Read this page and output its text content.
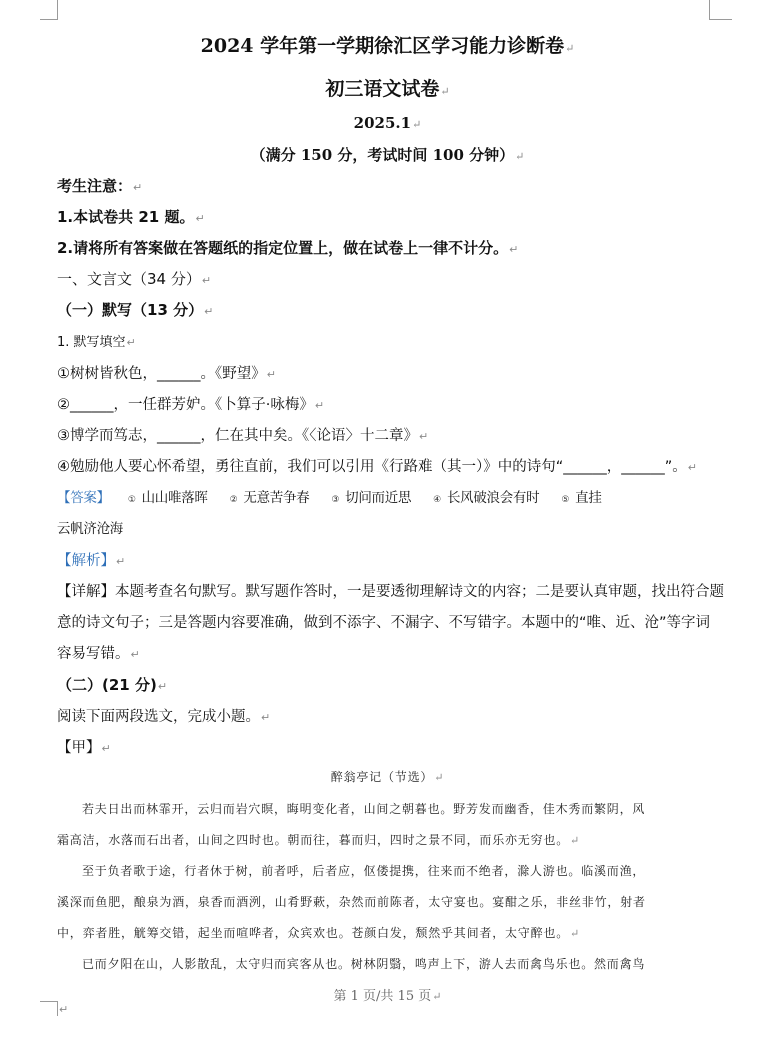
2024 学年第一学期徐汇区学习能力诊断卷↵
初三语文试卷↵
2025.1↵
（满分 150 分，考试时间 100 分钟）↵
考生注意：↵
1.本试卷共 21 题。↵
2.请将所有答案做在答题纸的指定位置上，做在试卷上一律不计分。↵
一、文言文（34 分）↵
（一）默写（13 分）↵
1. 默写填空↵
①树树皆秋色，______。《野望》↵
②______，一任群芳妒。《卜算子·咏梅》↵
③博学而笃志，______，仁在其中矣。《〈论语〉十二章》↵
④勉励他人要心怀希望，勇往直前，我们可以引用《行路难（其一）》中的诗句“______，______”。↵
【答案】 ① 山山唯落晖 ② 无意苦争春 ③ 切问而近思 ④ 长风破浪会有时 ⑤ 直挂
云帆济沧海
【解析】↵
【详解】本题考查名句默写。默写题作答时，一是要透彻理解诗文的内容；二是要认真审题，找出符合题
意的诗文句子；三是答题内容要准确，做到不添字、不漏字、不写错字。本题中的“唯、近、沧”等字词
容易写错。↵
（二）(21 分)↵
阅读下面两段选文，完成小题。↵
【甲】↵
醉翁亭记（节选）↵
若夫日出而林霏开，云归而岩穴暝，晦明变化者，山间之朝暮也。野芳发而幽香，佳木秀而繁阴，风
霜高洁，水落而石出者，山间之四时也。朝而往，暮而归，四时之景不同，而乐亦无穷也。↵
至于负者歌于途，行者休于树，前者呼，后者应，伛偻提携，往来而不绝者，滁人游也。临溪而渔，
溪深而鱼肥，酿泉为酒，泉香而酒洌，山肴野蔌，杂然而前陈者，太守宴也。宴酣之乐，非丝非竹，射者
中，弈者胜，觥筹交错，起坐而喧哗者，众宾欢也。苍颜白发，颓然乎其间者，太守醉也。↵
已而夕阳在山，人影散乱，太守归而宾客从也。树林阴翳，鸣声上下，游人去而禽鸟乐也。然而禽鸟
第 1 页/共 15 页↵
↵
